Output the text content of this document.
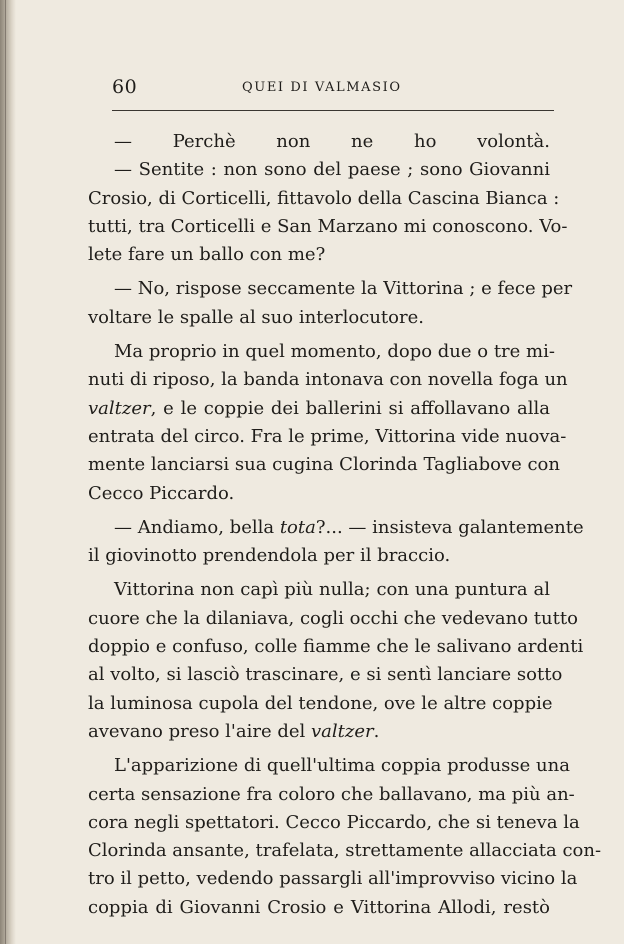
60	QUEI DI VALMASIO
— Perchè non ne ho volontà.
— Sentite : non sono del paese ; sono Giovanni
Crosio, di Corticelli, fittavolo della Cascina Bianca :
tutti, tra Corticelli e San Marzano mi conoscono. Vo-
lete fare un ballo con me?
— No, rispose seccamente la Vittorina ; e fece per
voltare le spalle al suo interlocutore.
Ma proprio in quel momento, dopo due o tre mi-
nuti di riposo, la banda intonava con novella foga un
valtzer, e le coppie dei ballerini si affollavano alla
entrata del circo. Fra le prime, Vittorina vide nuova-
mente lanciarsi sua cugina Clorinda Tagliabove con
Cecco Piccardo.
— Andiamo, bella tota?... — insisteva galantemente
il giovinotto prendendola per il braccio.
Vittorina non capì più nulla; con una puntura al
cuore che la dilaniava, cogli occhi che vedevano tutto
doppio e confuso, colle fiamme che le salivano ardenti
al volto, si lasciò trascinare, e si sentì lanciare sotto
la luminosa cupola del tendone, ove le altre coppie
avevano preso l'aire del valtzer.
L'apparizione di quell'ultima coppia produsse una
certa sensazione fra coloro che ballavano, ma più an-
cora negli spettatori. Cecco Piccardo, che si teneva la
Clorinda ansante, trafelata, strettamente allacciata con-
tro il petto, vedendo passargli all'improvviso vicino la
coppia di Giovanni Crosio e Vittorina Allodi, restò
